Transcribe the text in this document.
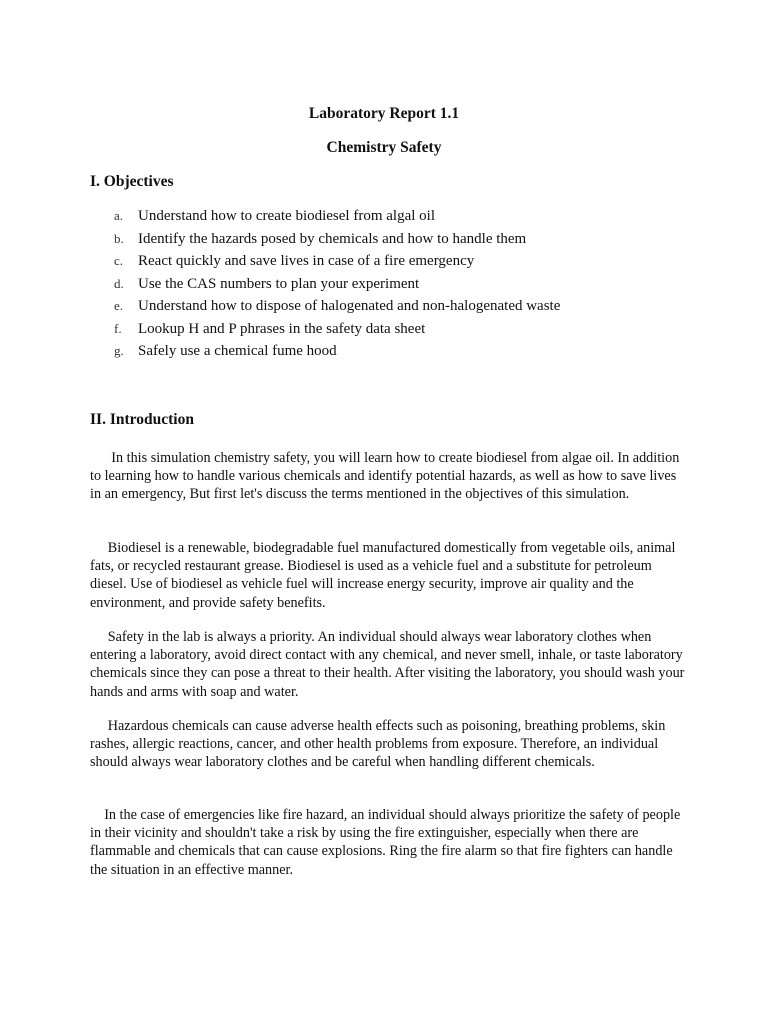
Laboratory Report 1.1
Chemistry Safety
I. Objectives
a. Understand how to create biodiesel from algal oil
b. Identify the hazards posed by chemicals and how to handle them
c. React quickly and save lives in case of a fire emergency
d. Use the CAS numbers to plan your experiment
e. Understand how to dispose of halogenated and non-halogenated waste
f.	Lookup H and P phrases in the safety data sheet
g. Safely use a chemical fume hood
II. Introduction

In this simulation chemistry safety, you will learn how to create biodiesel from algae oil. In addition to learning how to handle various chemicals and identify potential hazards, as well as how to save lives in an emergency, But first let's discuss the terms mentioned in the objectives of this simulation.

Biodiesel is a renewable, biodegradable fuel manufactured domestically from vegetable oils, animal fats, or recycled restaurant grease. Biodiesel is used as a vehicle fuel and a substitute for petroleum diesel. Use of biodiesel as vehicle fuel will increase energy security, improve air quality and the environment, and provide safety benefits.

Safety in the lab is always a priority. An individual should always wear laboratory clothes when entering a laboratory, avoid direct contact with any chemical, and never smell, inhale, or taste laboratory chemicals since they can pose a threat to their health. After visiting the laboratory, you should wash your hands and arms with soap and water.

Hazardous chemicals can cause adverse health effects such as poisoning, breathing problems, skin rashes, allergic reactions, cancer, and other health problems from exposure. Therefore, an individual should always wear laboratory clothes and be careful when handling different chemicals.

In the case of emergencies like fire hazard, an individual should always prioritize the safety of people in their vicinity and shouldn't take a risk by using the fire extinguisher, especially when there are flammable and chemicals that can cause explosions. Ring the fire alarm so that fire fighters can handle the situation in an effective manner.
